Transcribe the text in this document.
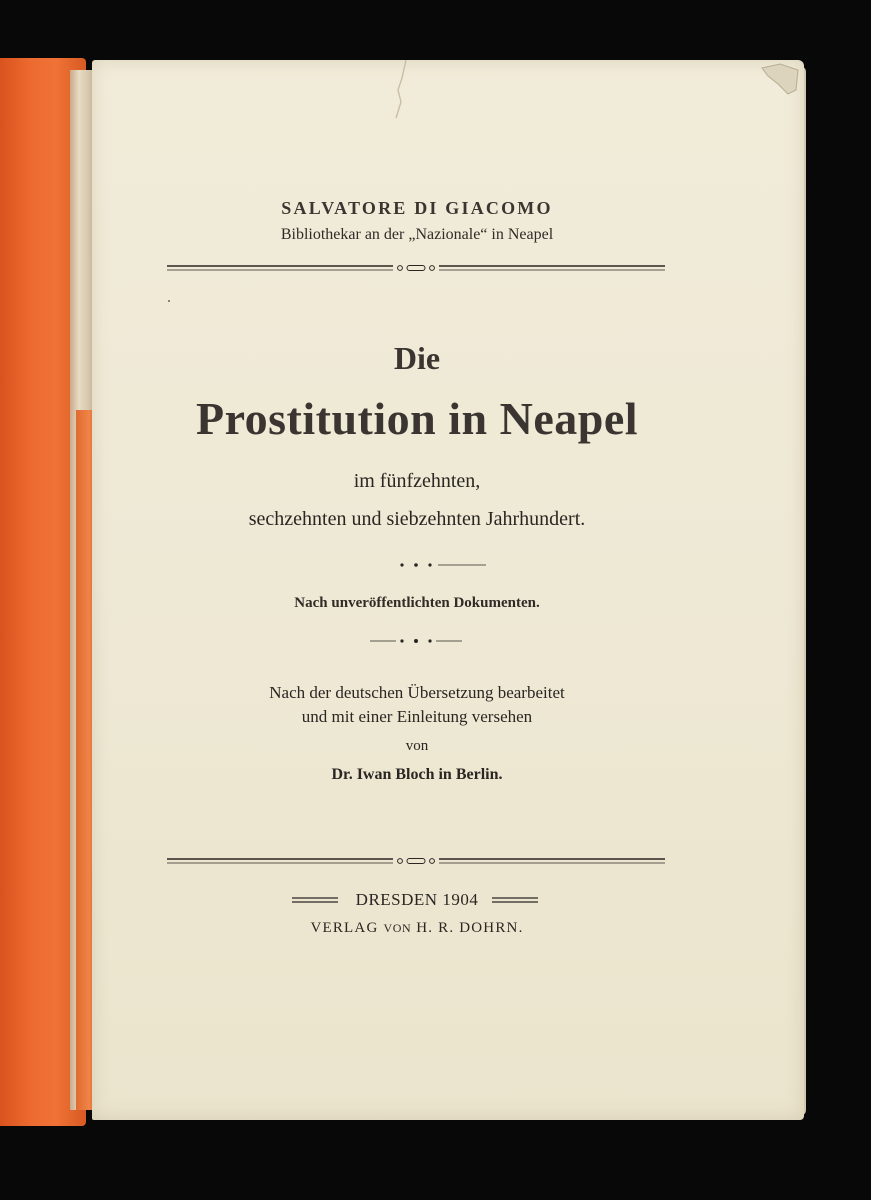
SALVATORE DI GIACOMO
Bibliothekar an der „Nazionale“ in Neapel
Die
Prostitution in Neapel
im fünfzehnten,
sechzehnten und siebzehnten Jahrhundert.
Nach unveröffentlichten Dokumenten.
Nach der deutschen Übersetzung bearbeitet
und mit einer Einleitung versehen
von
Dr. Iwan Bloch in Berlin.
DRESDEN 1904
VERLAG VON H. R. DOHRN.
